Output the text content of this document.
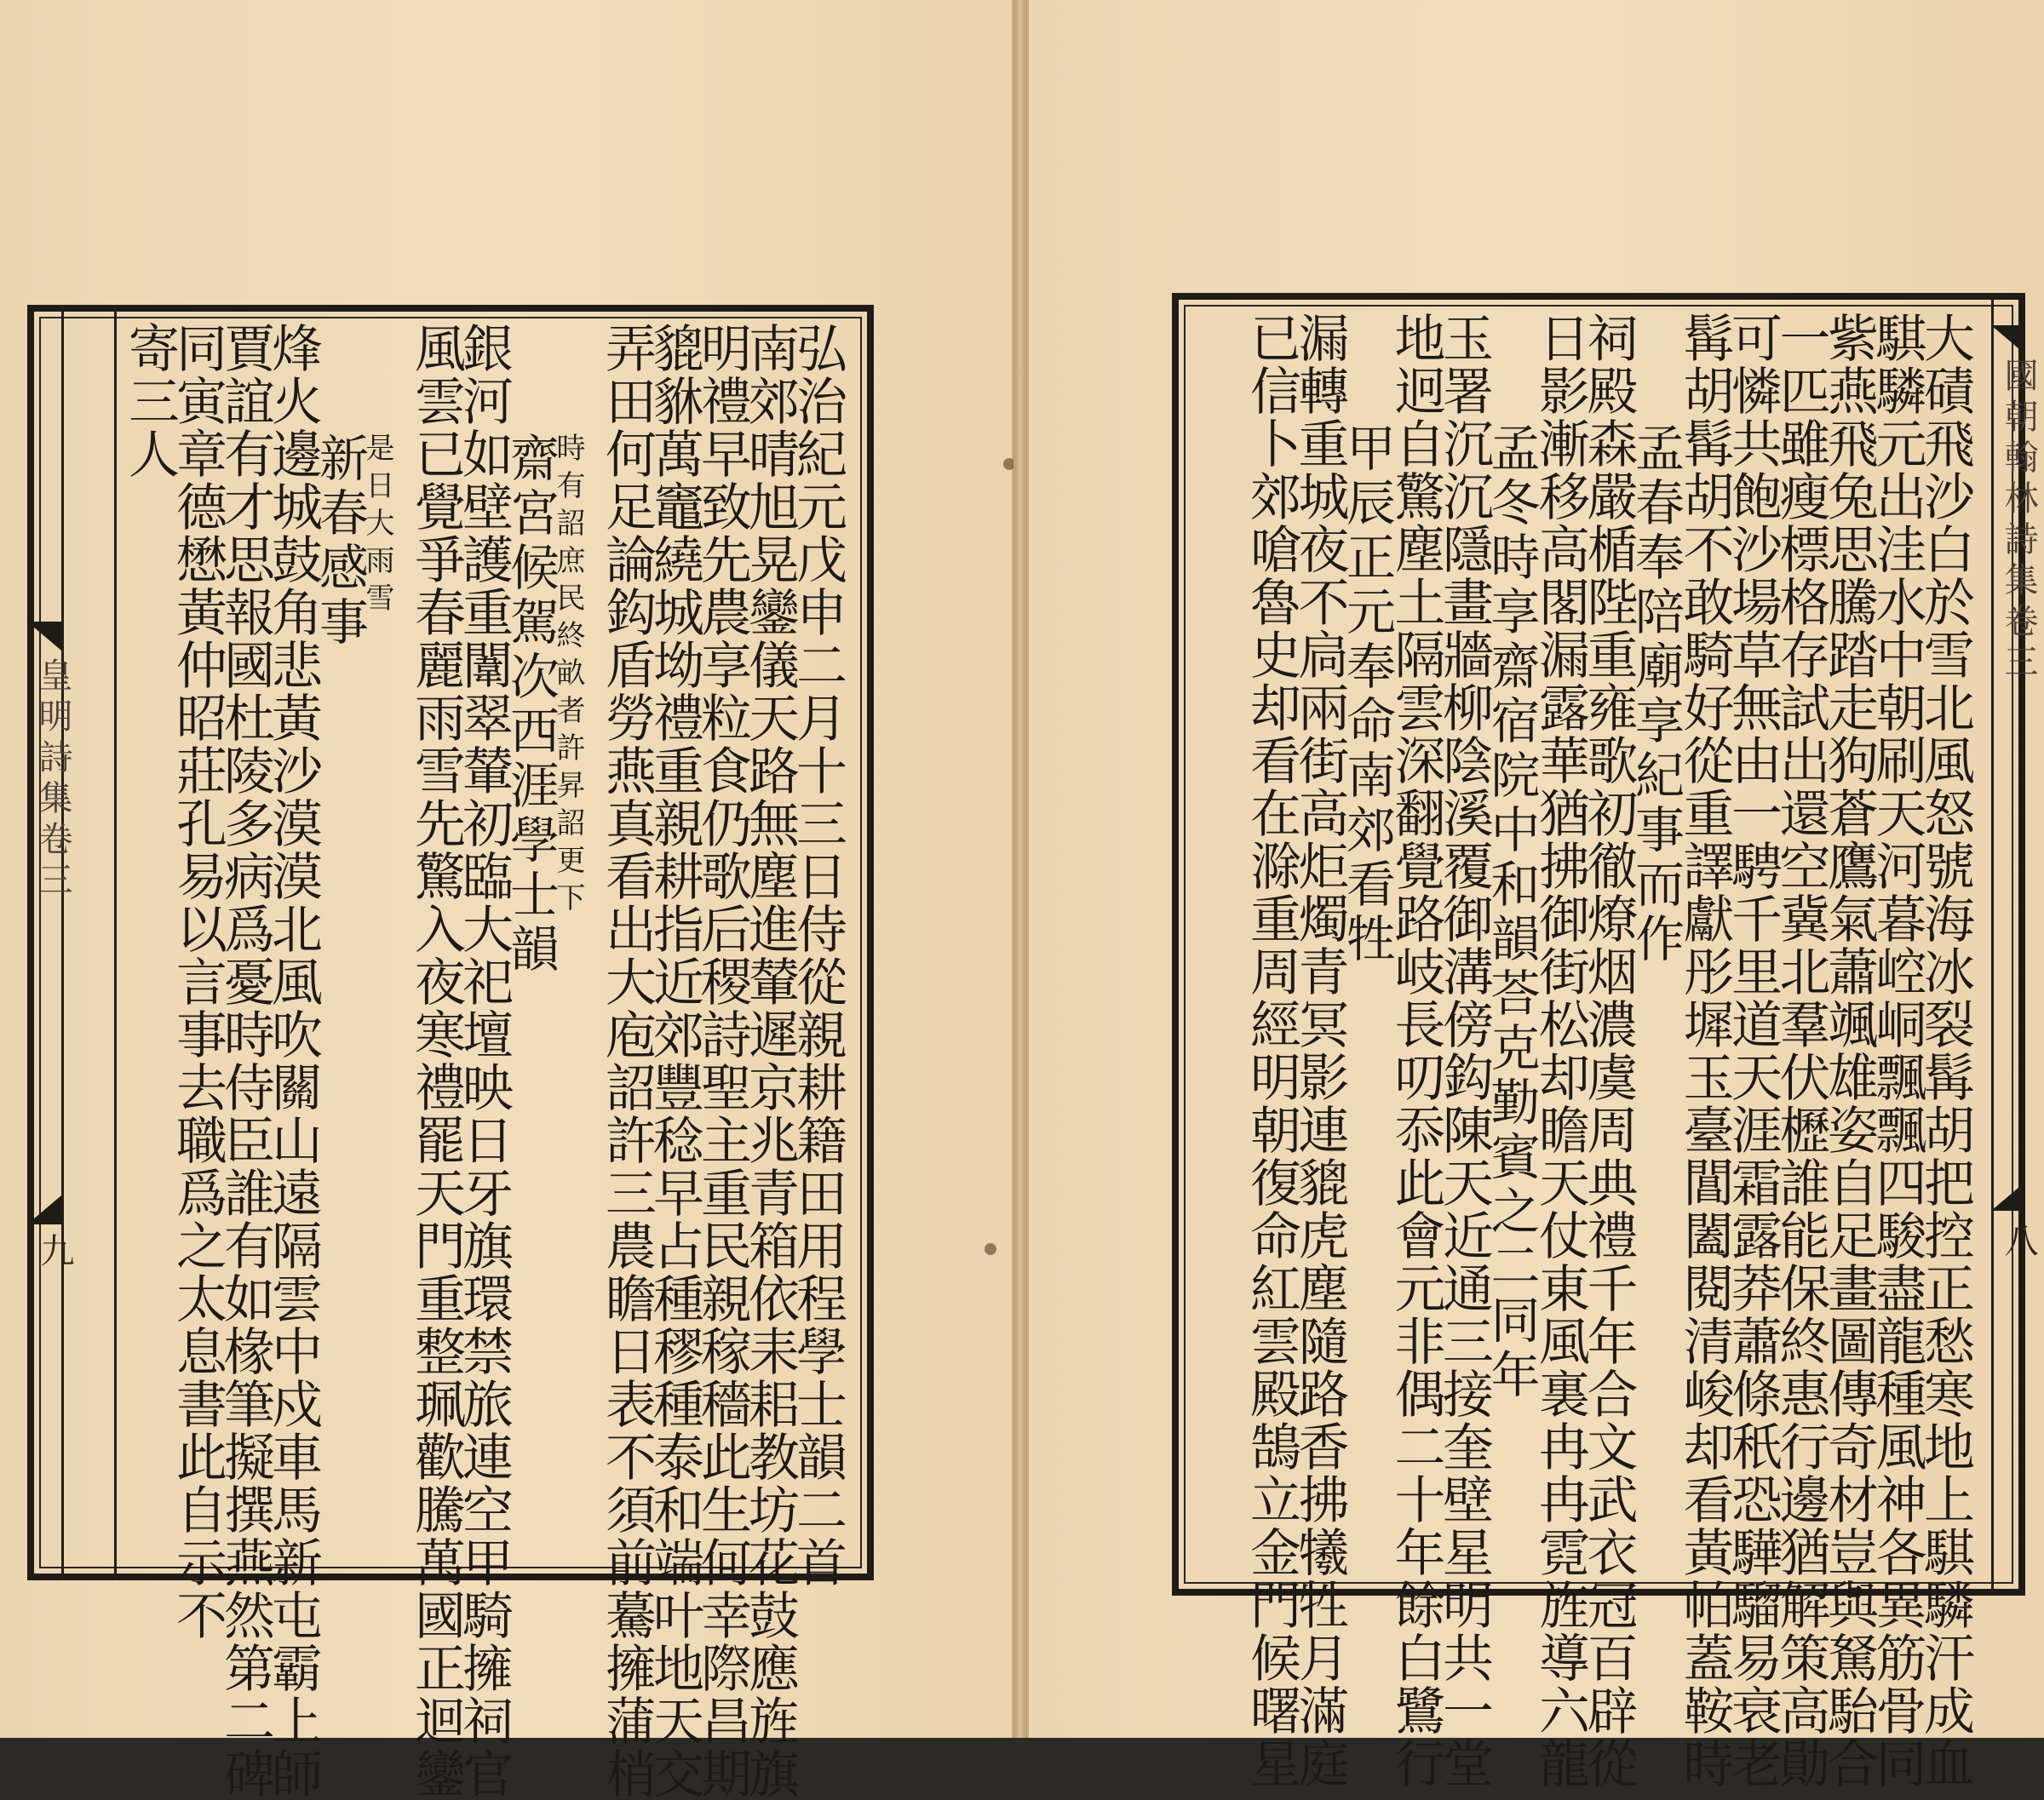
弘治紀元戊申二月十三日侍從親耕籍田用程學士韻二首
南郊晴旭晃鑾儀天路無塵進輦遲京兆青箱依耒耜教坊花鼓應旌旗
明禮早致先農享粒食仍歌后稷詩聖主重民親稼穡此生何幸際昌期
貔貅萬竈繞城坳禮重親耕指近郊豐稔早占種穋種泰和端叶地天交
弄田何足論鈎盾勞燕真看出大庖詔許三農瞻日表不須前驀擁蒲梢
時有詔庶民終畝者許昇詔更下
齋宮候駕次西涯學士韻
銀河如壁護重闈翠輦初臨大祀壇映日牙旗環禁旅連空甲騎擁祠官
風雲已覺爭春麗雨雪先驚入夜寒禮罷天門重整珮歡騰萬國正迴鑾
是日大雨雪
新春感事
烽火邊城鼓角悲黃沙漠漠北風吹關山遠隔雲中戍車馬新屯霸上師
賈誼有才思報國杜陵多病爲憂時侍臣誰有如椽筆擬撰燕然第二碑
同寅章德懋黃仲昭莊孔易以言事去職爲之太息書此自示不
寄三人
皇明詩集卷三
九	大磧飛沙白於雪北風怒號海冰裂髯胡把控正愁寒地上騏驎汗成血
騏驎元出洼水中朝刷天河暮崆峒飄飄四駿盡龍種風神各異筋骨同
紫燕飛兔思騰踏走狗蒼鷹氣蕭颯雄姿自足畫圖傳奇材豈與駑駘合
一匹雖瘦標格存試出還空冀北羣伏櫪誰能保終惠行邊猶解策高勛
可憐共飽沙場草無由一騁千里道天涯霜露莽蕭條秖恐驊騮易衰老
髯胡髯胡不敢騎好從重譯獻彤墀玉臺閶闔閱清峻却看黃帕蓋鞍時
孟春奉陪廟享紀事而作
祠殿森嚴楯陛重雍歌初徹燎烟濃虞周典禮千年合文武衣冠百辟從
日影漸移高閣漏露華猶拂御街松却瞻天仗東風裏冉冉霓旌導六龍
孟冬時享齋宿院中和韻荅克勤賓之二同年
玉署沉沉隱畫牆柳陰溪覆御溝傍鈎陳天近通三接奎壁星明共一堂
地迥自驚塵土隔雲深翻覺路岐長叨忝此會元非偶二十年餘白鷺行
甲辰正元奉命南郊看牲
漏轉重城夜不扃兩街高炬燭青冥影連貔虎塵隨路香拂犧牲月滿庭
已信卜郊嗆魯史却看在滁重周經明朝復命紅雲殿鵠立金門候曙星	國朝翰林詩集卷三
八
